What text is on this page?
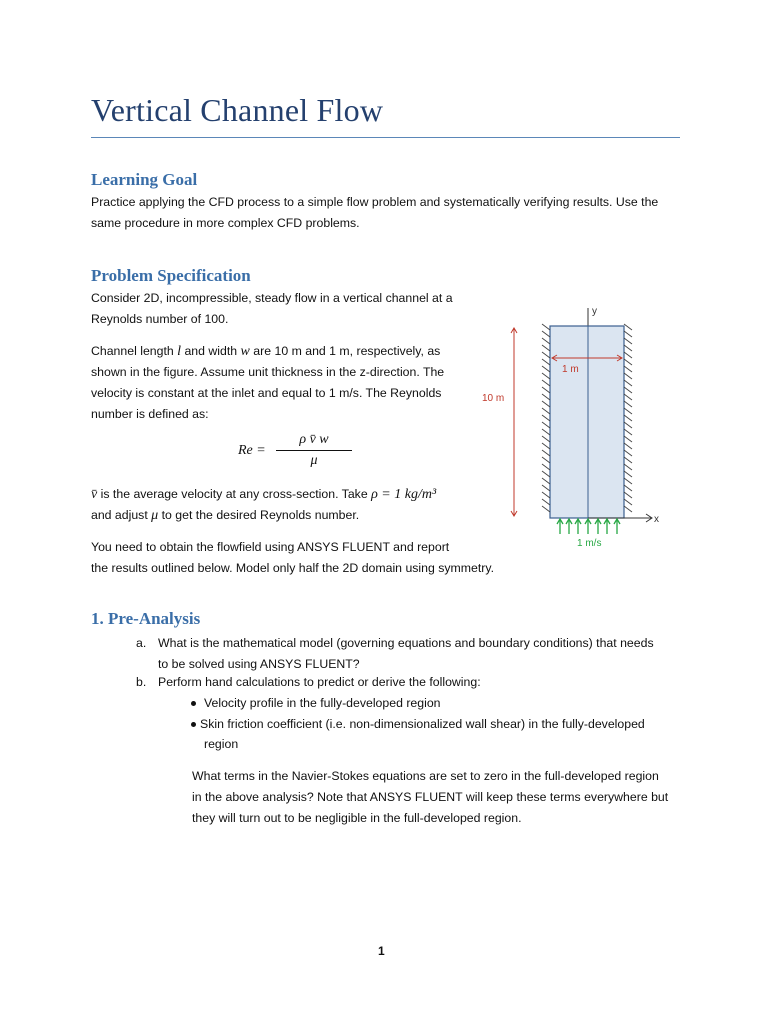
Vertical Channel Flow
Learning Goal
Practice applying the CFD process to a simple flow problem and systematically verifying results. Use the
same procedure in more complex CFD problems.
Problem Specification
Consider 2D, incompressible, steady flow in a vertical channel at a
Reynolds number of 100.
Channel length l and width w are 10 m and 1 m, respectively, as
shown in the figure. Assume unit thickness in the z-direction. The
velocity is constant at the inlet and equal to 1 m/s. The Reynolds
number is defined as:
Re =
ρ v̄ w
μ
v̄ is the average velocity at any cross-section. Take ρ = 1 kg/m³
and adjust μ to get the desired Reynolds number.
You need to obtain the flowfield using ANSYS FLUENT and report
the results outlined below. Model only half the 2D domain using symmetry.
y
x
1 m
10 m
1 m/s
1. Pre-Analysis
a. What is the mathematical model (governing equations and boundary conditions) that needs
to be solved using ANSYS FLUENT?
b. Perform hand calculations to predict or derive the following:
Velocity profile in the fully-developed region
Skin friction coefficient (i.e. non-dimensionalized wall shear) in the fully-developed
region
What terms in the Navier-Stokes equations are set to zero in the full-developed region
in the above analysis? Note that ANSYS FLUENT will keep these terms everywhere but
they will turn out to be negligible in the full-developed region.
1
